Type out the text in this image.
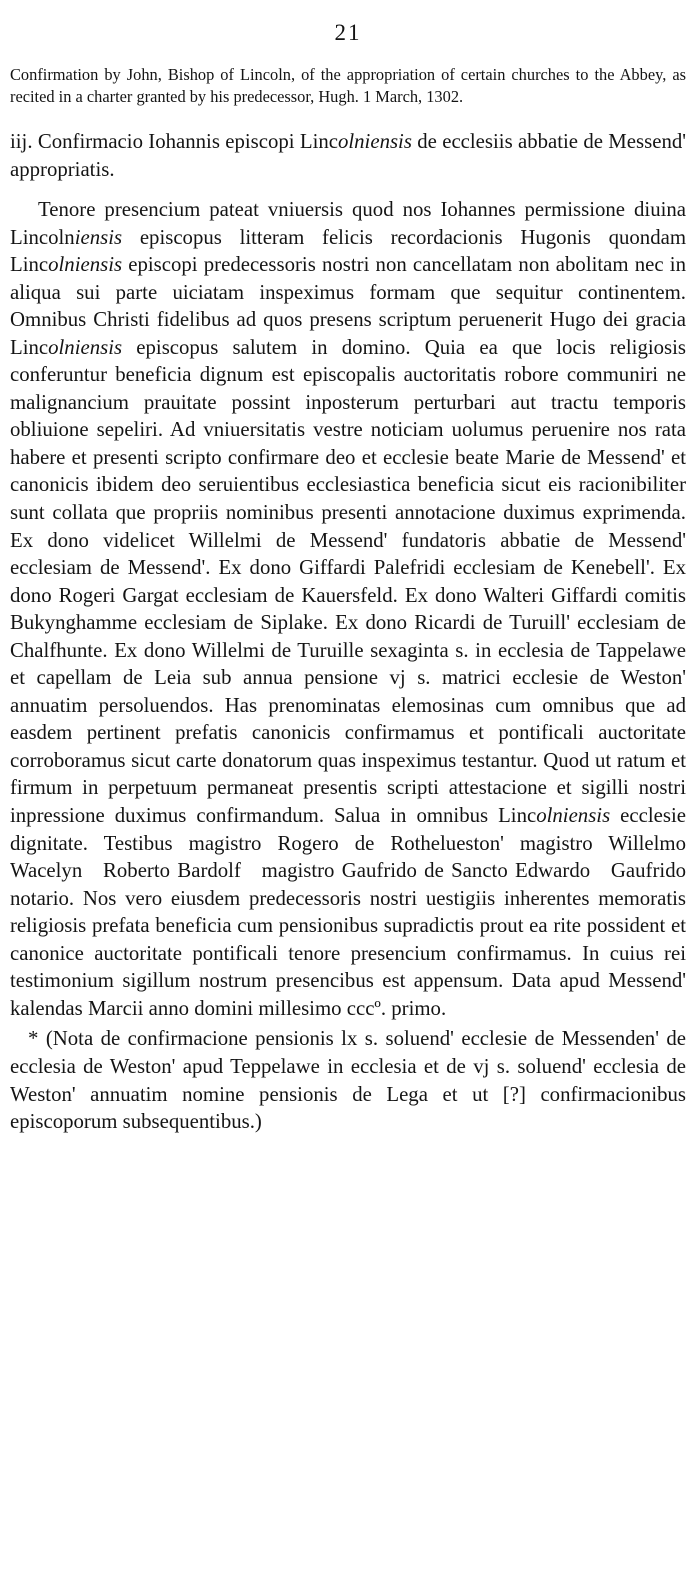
21

Confirmation by John, Bishop of Lincoln, of the appropriation of certain churches to the Abbey, as recited in a charter granted by his predecessor, Hugh. 1 March, 1302.

iij. Confirmacio Iohannis episcopi Lincolniensis de ecclesiis abbatie de Messend' appropriatis.

Tenore presencium pateat vniuersis quod nos Iohannes permissione diuina Lincolniensis episcopus litteram felicis recordacionis Hugonis quondam Lincolniensis episcopi predecessoris nostri non cancellatam non abolitam nec in aliqua sui parte uiciatam inspeximus formam que sequitur continentem. Omnibus Christi fidelibus ad quos presens scriptum peruenerit Hugo dei gracia Lincolniensis episcopus salutem in domino. Quia ea que locis religiosis conferuntur beneficia dignum est episcopalis auctoritatis robore communiri ne malignancium prauitate possint inposterum perturbari aut tractu temporis obliuione sepeliri. Ad vniuersitatis vestre noticiam uolumus peruenire nos rata habere et presenti scripto confirmare deo et ecclesie beate Marie de Messend' et canonicis ibidem deo seruientibus ecclesiastica beneficia sicut eis racionibiliter sunt collata que propriis nominibus presenti annotacione duximus exprimenda. Ex dono videlicet Willelmi de Messend' fundatoris abbatie de Messend' ecclesiam de Messend'. Ex dono Giffardi Palefridi ecclesiam de Kenebell'. Ex dono Rogeri Gargat ecclesiam de Kauersfeld. Ex dono Walteri Giffardi comitis Bukynghamme ecclesiam de Siplake. Ex dono Ricardi de Turuill' ecclesiam de Chalfhunte. Ex dono Willelmi de Turuille sexaginta s. in ecclesia de Tappelawe et capellam de Leia sub annua pensione vj s. matrici ecclesie de Weston' annuatim persoluendos. Has prenominatas elemosinas cum omnibus que ad easdem pertinent prefatis canonicis confirmamus et pontificali auctoritate corroboramus sicut carte donatorum quas inspeximus testantur. Quod ut ratum et firmum in perpetuum permaneat presentis scripti attestacione et sigilli nostri inpressione duximus confirmandum. Salua in omnibus Lincolniensis ecclesie dignitate. Testibus magistro Rogero de Rothelueston' magistro Willelmo Wacelyn Roberto Bardolf magistro Gaufrido de Sancto Edwardo Gaufrido notario. Nos vero eiusdem predecessoris nostri uestigiis inherentes memoratis religiosis prefata beneficia cum pensionibus supradictis prout ea rite possident et canonice auctoritate pontificali tenore presencium confirmamus. In cuius rei testimonium sigillum nostrum presencibus est appensum. Data apud Messend' kalendas Marcii anno domini millesimo cccº. primo.

* (Nota de confirmacione pensionis lx s. soluend' ecclesie de Messenden' de ecclesia de Weston' apud Teppelawe in ecclesia et de vj s. soluend' ecclesia de Weston' annuatim nomine pensionis de Lega et ut [?] confirmacionibus episcoporum subsequentibus.)
